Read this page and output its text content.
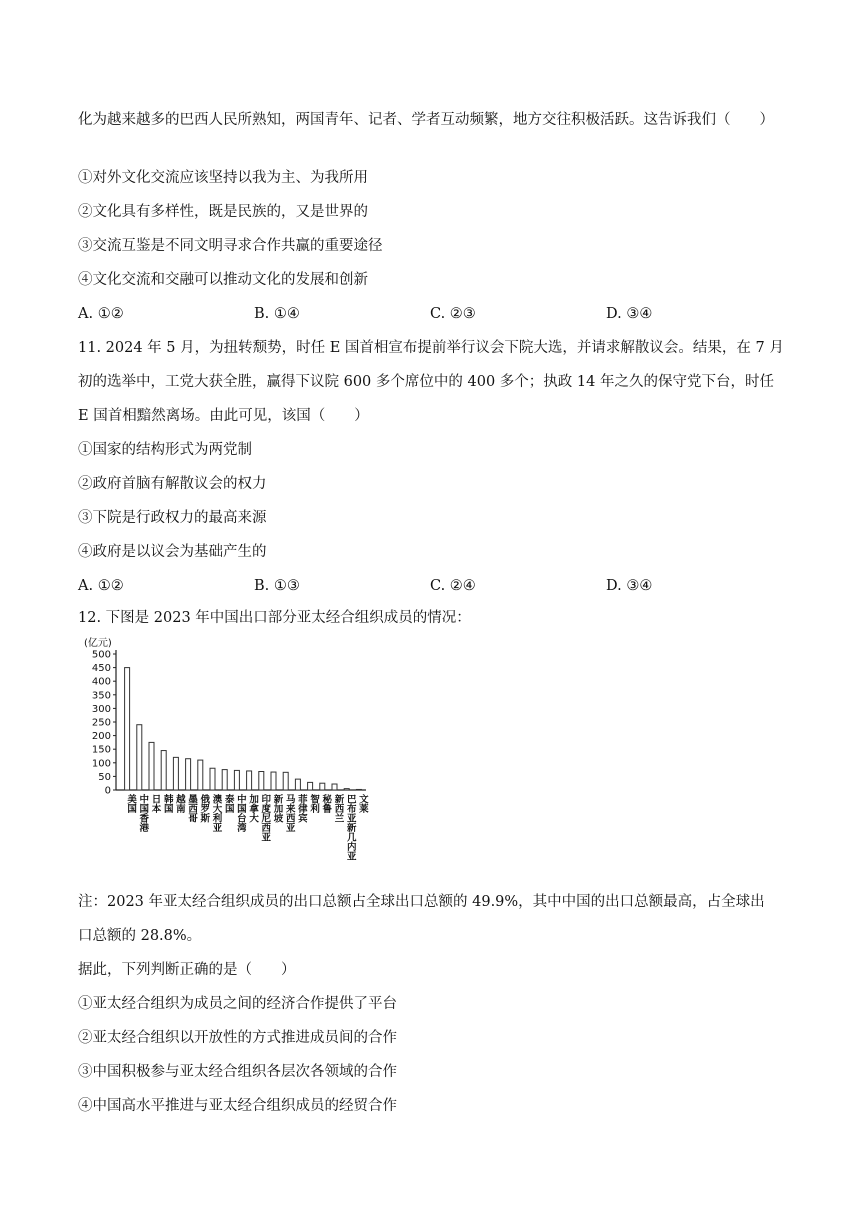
化为越来越多的巴西人民所熟知，两国青年、记者、学者互动频繁，地方交往积极活跃。这告诉我们（　　）
①对外文化交流应该坚持以我为主、为我所用
②文化具有多样性，既是民族的，又是世界的
③交流互鉴是不同文明寻求合作共赢的重要途径
④文化交流和交融可以推动文化的发展和创新
A. ①②	B. ①④	C. ②③	D. ③④
11. 2024 年 5 月，为扭转颓势，时任 E 国首相宣布提前举行议会下院大选，并请求解散议会。结果，在 7 月
初的选举中，工党大获全胜，赢得下议院 600 多个席位中的 400 多个；执政 14 年之久的保守党下台，时任
E 国首相黯然离场。由此可见，该国（　　）
①国家的结构形式为两党制
②政府首脑有解散议会的权力
③下院是行政权力的最高来源
④政府是以议会为基础产生的
A. ①②	B. ①③	C. ②④	D. ③④
12. 下图是 2023 年中国出口部分亚太经合组织成员的情况：
(亿元)
0
50
100
150
200
250
300
350
400
450
500
美国 中国香港 日本 韩国 越南 墨西哥 俄罗斯 澳大利亚 泰国 中国台湾 加拿大 印度尼西亚 新加坡 马来西亚 菲律宾 智利 秘鲁 新西兰 巴布亚新几内亚 文莱
注：2023 年亚太经合组织成员的出口总额占全球出口总额的 49.9%，其中中国的出口总额最高，占全球出
口总额的 28.8%。
据此，下列判断正确的是（　　）
①亚太经合组织为成员之间的经济合作提供了平台
②亚太经合组织以开放性的方式推进成员间的合作
③中国积极参与亚太经合组织各层次各领域的合作
④中国高水平推进与亚太经合组织成员的经贸合作
